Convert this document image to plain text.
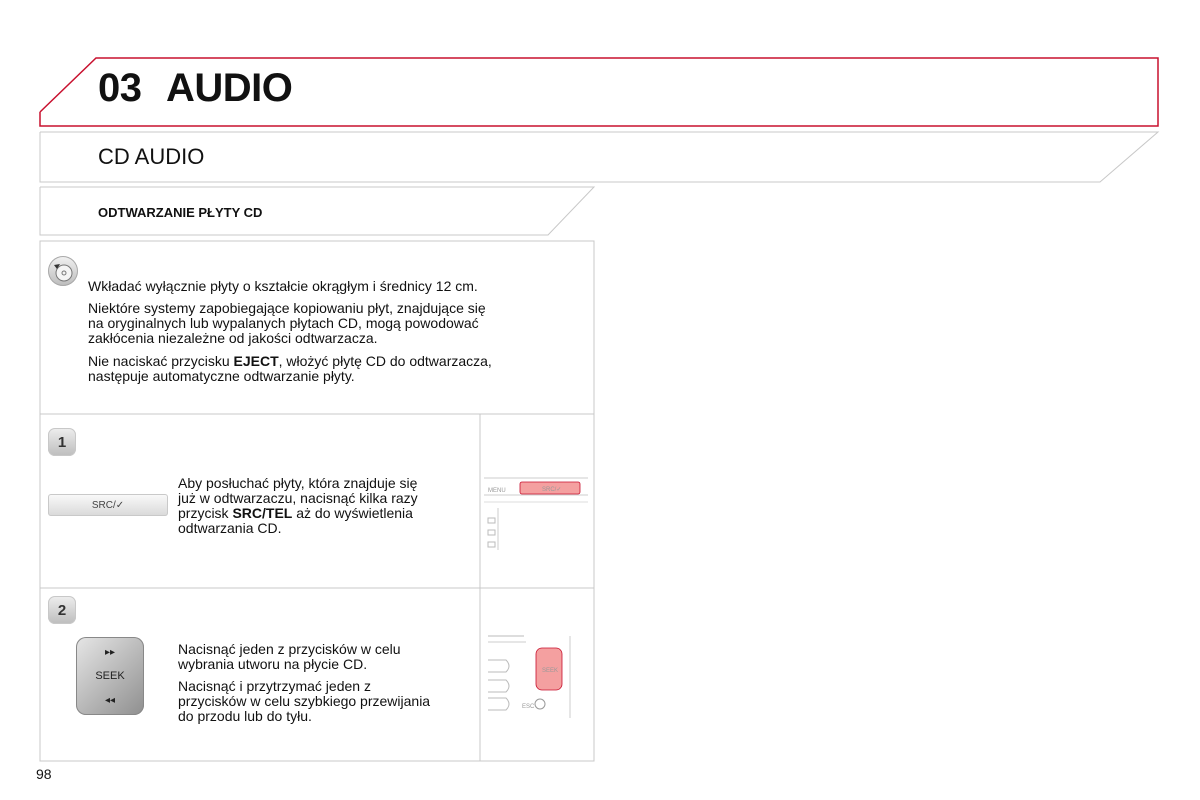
03 AUDIO
CD AUDIO
ODTWARZANIE PŁYTY CD
Wkładać wyłącznie płyty o kształcie okrągłym i średnicy 12 cm.
Niektóre systemy zapobiegające kopiowaniu płyt, znajdujące się
na oryginalnych lub wypalanych płytach CD, mogą powodować
zakłócenia niezależne od jakości odtwarzacza.
Nie naciskać przycisku EJECT, włożyć płytę CD do odtwarzacza,
następuje automatyczne odtwarzanie płyty.
1
SRC/✓
Aby posłuchać płyty, która znajduje się
już w odtwarzaczu, nacisnąć kilka razy
przycisk SRC/TEL aż do wyświetlenia
odtwarzania CD.
MENU	SRC/✓
2
▸▸
SEEK
◂◂
Nacisnąć jeden z przycisków w celu
wybrania utworu na płycie CD.
Nacisnąć i przytrzymać jeden z
przycisków w celu szybkiego przewijania
do przodu lub do tyłu.
SEEK
ESC
98
